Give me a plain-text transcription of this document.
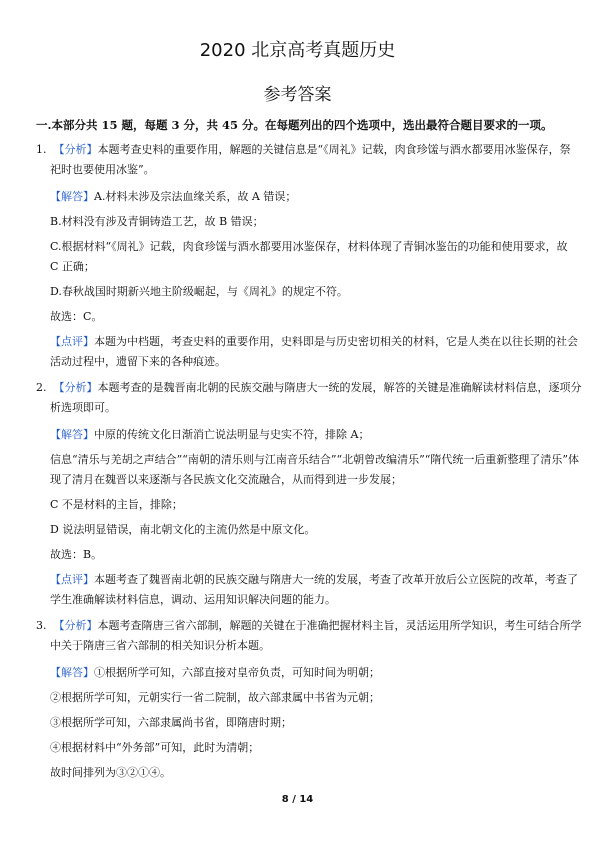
2020 北京高考真题历史
参考答案
一.本部分共 15 题，每题 3 分，共 45 分。在每题列出的四个选项中，选出最符合题目要求的一项。
1. 【分析】本题考查史料的重要作用，解题的关键信息是“《周礼》记载，肉食珍馐与酒水都要用冰鉴保存，祭
祀时也要使用冰鉴”。
【解答】A.材料未涉及宗法血缘关系，故 A 错误；
B.材料没有涉及青铜铸造工艺，故 B 错误；
C.根据材料“《周礼》记载，肉食珍馐与酒水都要用冰鉴保存，材料体现了青铜冰鉴缶的功能和使用要求，故
C 正确；
D.春秋战国时期新兴地主阶级崛起，与《周礼》的规定不符。
故选：C。
【点评】本题为中档题，考查史料的重要作用，史料即是与历史密切相关的材料，它是人类在以往长期的社会
活动过程中，遗留下来的各种痕迹。
2. 【分析】本题考查的是魏晋南北朝的民族交融与隋唐大一统的发展，解答的关键是准确解读材料信息，逐项分
析选项即可。
【解答】中原的传统文化日渐消亡说法明显与史实不符，排除 A；
信息“清乐与羌胡之声结合”“南朝的清乐则与江南音乐结合”“北朝曾改编清乐”“隋代统一后重新整理了清乐”体
现了清月在魏晋以来逐渐与各民族文化交流融合，从而得到进一步发展；
C 不是材料的主旨，排除；
D 说法明显错误，南北朝文化的主流仍然是中原文化。
故选：B。
【点评】本题考查了魏晋南北朝的民族交融与隋唐大一统的发展，考查了改革开放后公立医院的改革，考查了
学生准确解读材料信息，调动、运用知识解决问题的能力。
3. 【分析】本题考查隋唐三省六部制，解题的关键在于准确把握材料主旨，灵活运用所学知识，考生可结合所学
中关于隋唐三省六部制的相关知识分析本题。
【解答】①根据所学可知，六部直接对皇帝负责，可知时间为明朝；
②根据所学可知，元朝实行一省二院制，故六部隶属中书省为元朝；
③根据所学可知，六部隶属尚书省，即隋唐时期；
④根据材料中“外务部”可知，此时为清朝；
故时间排列为③②①④。
8 / 14
